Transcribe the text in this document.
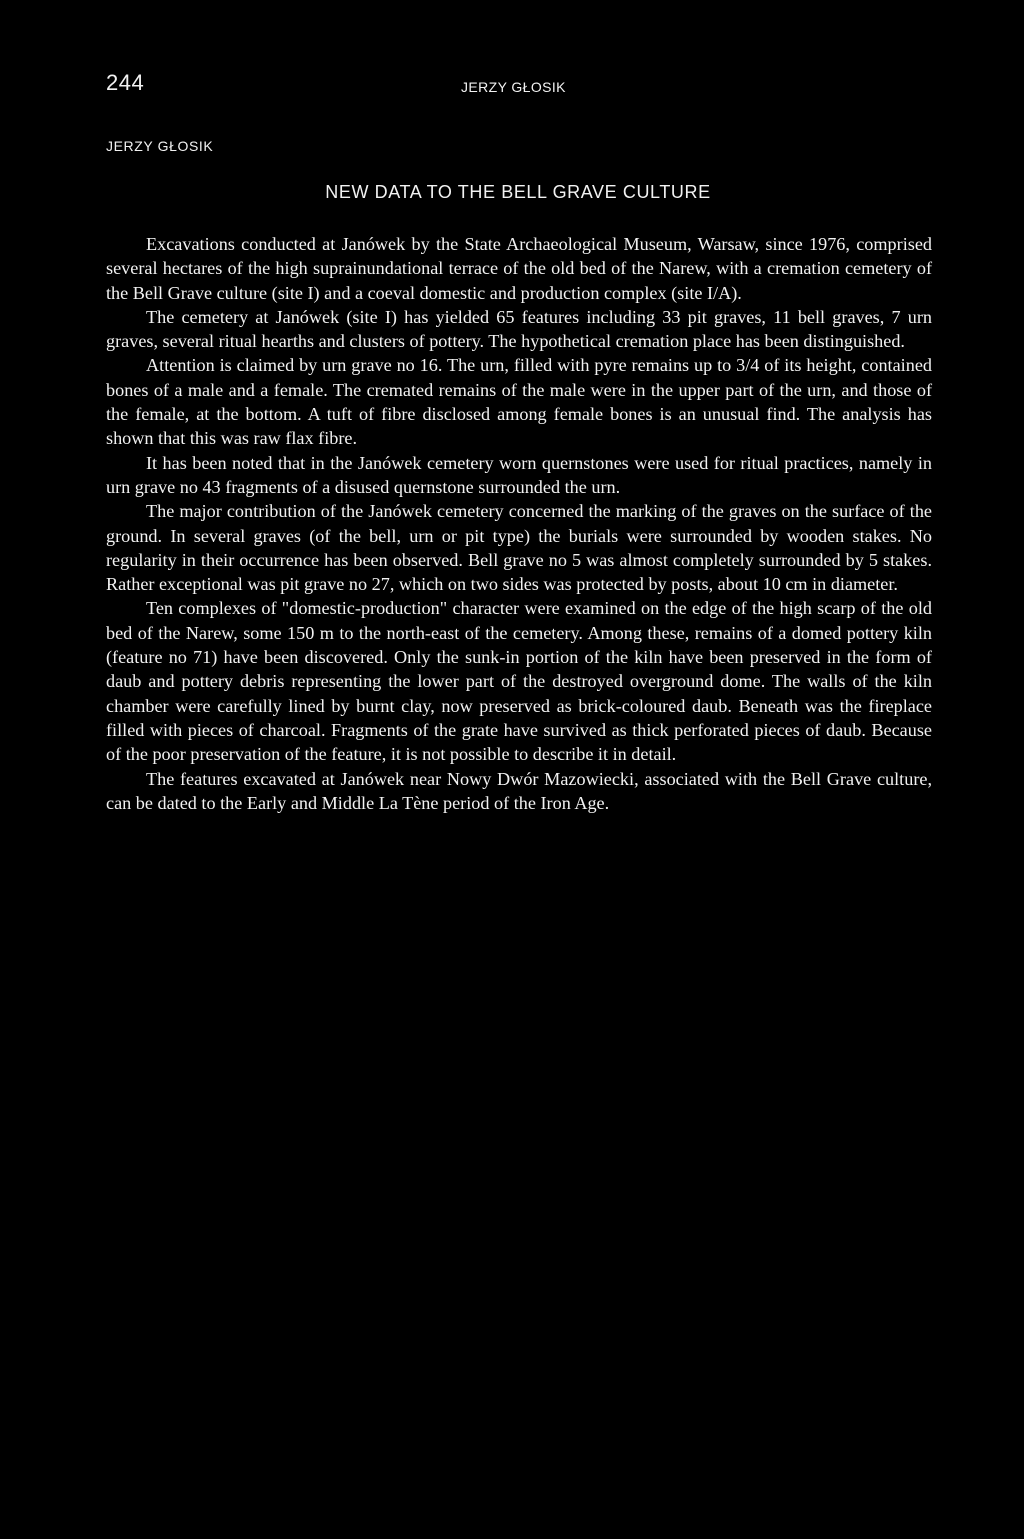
244	JERZY GŁOSIK
JERZY GŁOSIK
NEW DATA TO THE BELL GRAVE CULTURE

Excavations conducted at Janówek by the State Archaeological Museum, Warsaw, since 1976, comprised several hectares of the high suprainundational terrace of the old bed of the Narew, with a cremation cemetery of the Bell Grave culture (site I) and a coeval domestic and production complex (site I/A).

The cemetery at Janówek (site I) has yielded 65 features including 33 pit graves, 11 bell graves, 7 urn graves, several ritual hearths and clusters of pottery. The hypothetical cremation place has been distinguished.

Attention is claimed by urn grave no 16. The urn, filled with pyre remains up to 3/4 of its height, contained bones of a male and a female. The cremated remains of the male were in the upper part of the urn, and those of the female, at the bottom. A tuft of fibre disclosed among female bones is an unusual find. The analysis has shown that this was raw flax fibre.

It has been noted that in the Janówek cemetery worn quernstones were used for ritual practices, namely in urn grave no 43 fragments of a disused quernstone surrounded the urn.

The major contribution of the Janówek cemetery concerned the marking of the graves on the surface of the ground. In several graves (of the bell, urn or pit type) the burials were surrounded by wooden stakes. No regularity in their occurrence has been observed. Bell grave no 5 was almost completely surrounded by 5 stakes. Rather exceptional was pit grave no 27, which on two sides was protected by posts, about 10 cm in diameter.

Ten complexes of "domestic-production" character were examined on the edge of the high scarp of the old bed of the Narew, some 150 m to the north-east of the cemetery. Among these, remains of a domed pottery kiln (feature no 71) have been discovered. Only the sunk-in portion of the kiln have been preserved in the form of daub and pottery debris representing the lower part of the destroyed overground dome. The walls of the kiln chamber were carefully lined by burnt clay, now preserved as brick-coloured daub. Beneath was the fireplace filled with pieces of charcoal. Fragments of the grate have survived as thick perforated pieces of daub. Because of the poor preservation of the feature, it is not possible to describe it in detail.

The features excavated at Janówek near Nowy Dwór Mazowiecki, associated with the Bell Grave culture, can be dated to the Early and Middle La Tène period of the Iron Age.
